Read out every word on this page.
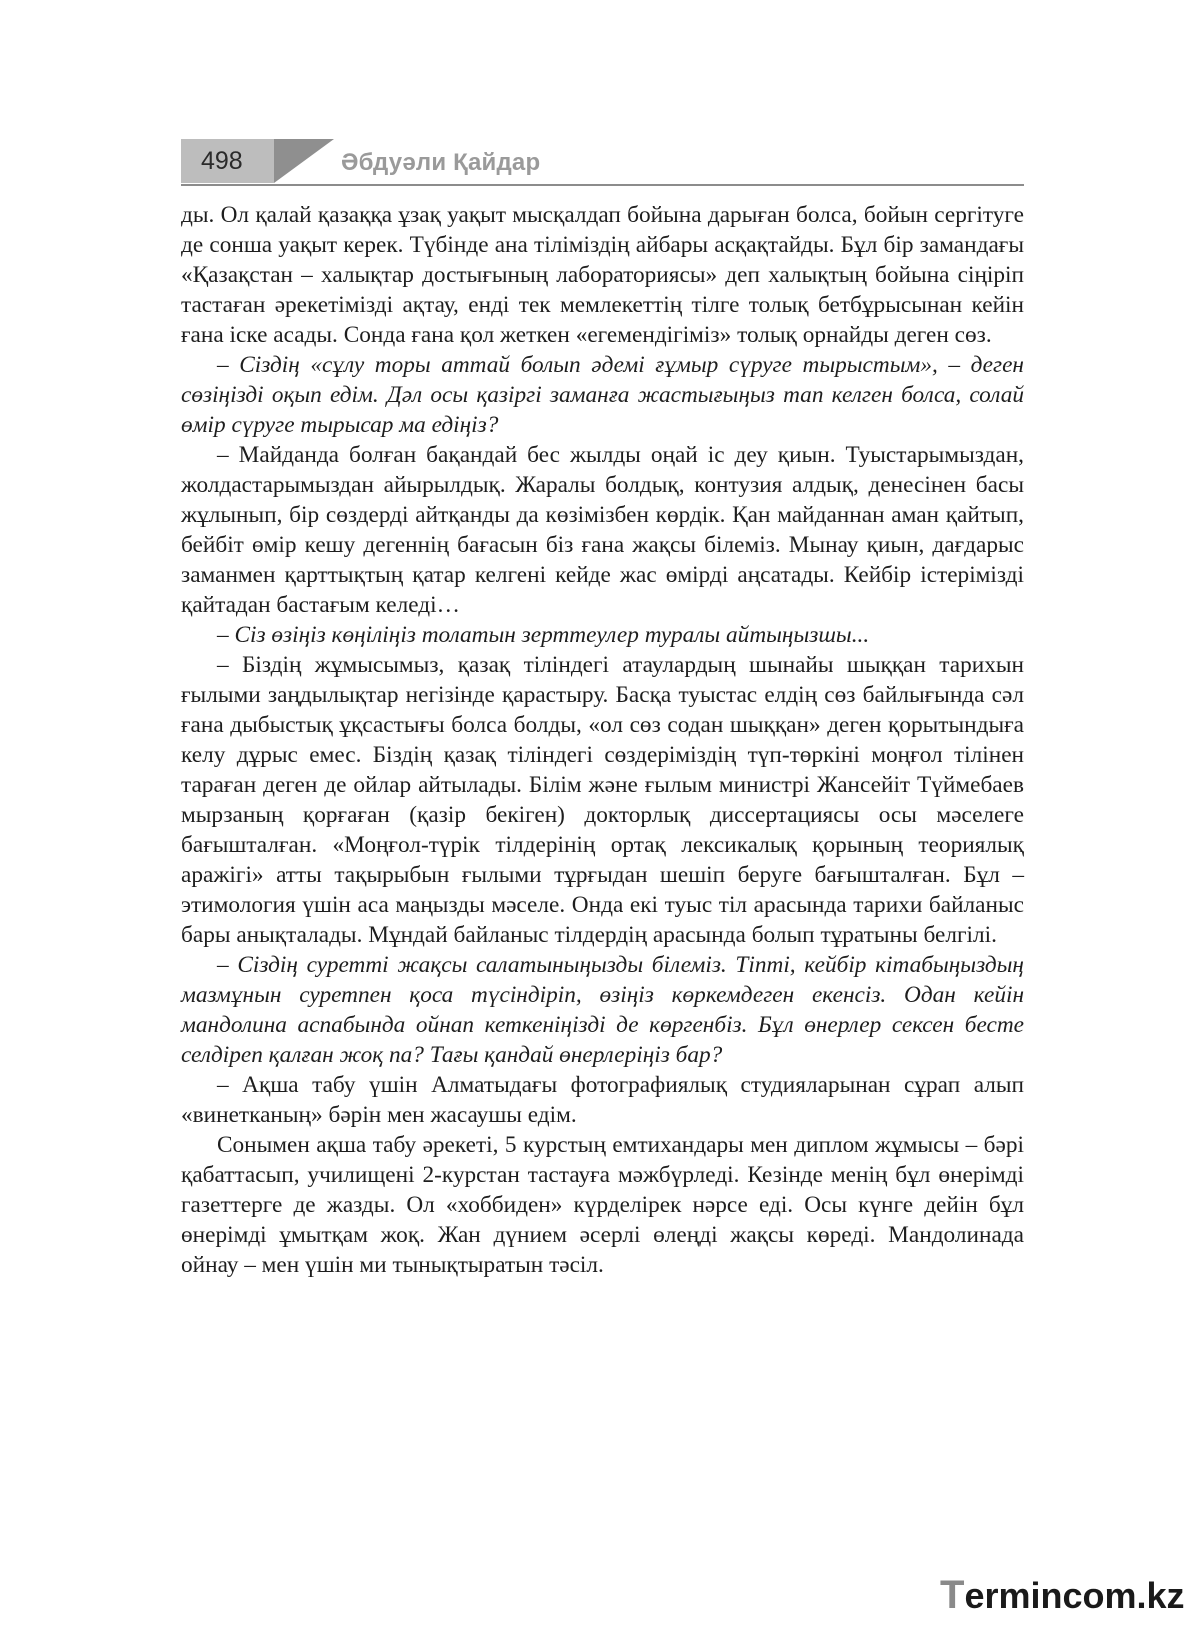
498	Әбдуәли Қайдар

ды. Ол қалай қазаққа ұзақ уақыт мысқалдап бойына дарыған болса, бойын сергітуге де сонша уақыт керек. Түбінде ана тіліміздің айбары асқақтайды. Бұл бір замандағы «Қазақстан – халықтар достығының лабораториясы» деп халықтың бойына сіңіріп тастаған әрекетімізді ақтау, енді тек мемлекеттің тілге толық бетбұрысынан кейін ғана іске асады. Сонда ғана қол жеткен «егемендігіміз» толық орнайды деген сөз.

– Сіздің «сұлу торы аттай болып әдемі ғұмыр сүруге тырыстым», – деген сөзіңізді оқып едім. Дәл осы қазіргі заманға жастығыңыз тап келген болса, солай өмір сүруге тырысар ма едіңіз?

– Майданда болған бақандай бес жылды оңай іс деу қиын. Туыстарымыздан, жолдастарымыздан айырылдық. Жаралы болдық, контузия алдық, денесінен басы жұлынып, бір сөздерді айтқанды да көзімізбен көрдік. Қан майданнан аман қайтып, бейбіт өмір кешу дегеннің бағасын біз ғана жақсы білеміз. Мынау қиын, дағдарыс заманмен қарттықтың қатар келгені кейде жас өмірді аңсатады. Кейбір істерімізді қайтадан бастағым келеді…

– Сіз өзіңіз көңіліңіз толатын зерттеулер туралы айтыңызшы...

– Біздің жұмысымыз, қазақ тіліндегі атаулардың шынайы шыққан тарихын ғылыми заңдылықтар негізінде қарастыру. Басқа туыстас елдің сөз байлығында сәл ғана дыбыстық ұқсастығы болса болды, «ол сөз содан шыққан» деген қорытындыға келу дұрыс емес. Біздің қазақ тіліндегі сөздеріміздің түп-төркіні моңғол тілінен тараған деген де ойлар айтылады. Білім және ғылым министрі Жансейіт Түймебаев мырзаның қорғаған (қазір бекіген) докторлық диссертациясы осы мәселеге бағышталған. «Моңғол-түрік тілдерінің ортақ лексикалық қорының теориялық аражігі» атты тақырыбын ғылыми тұрғыдан шешіп беруге бағышталған. Бұл – этимология үшін аса маңызды мәселе. Онда екі туыс тіл арасында тарихи байланыс бары анықталады. Мұндай байланыс тілдердің арасында болып тұратыны белгілі.

– Сіздің суретті жақсы салатыныңызды білеміз. Тіпті, кейбір кітабыңыздың мазмұнын суретпен қоса түсіндіріп, өзіңіз көркемдеген екенсіз. Одан кейін мандолина аспабында ойнап кеткеніңізді де көргенбіз. Бұл өнерлер сексен бесте селдіреп қалған жоқ па? Тағы қандай өнерлеріңіз бар?

– Ақша табу үшін Алматыдағы фотографиялық студияларынан сұрап алып «винетканың» бәрін мен жасаушы едім.

Сонымен ақша табу әрекеті, 5 курстың емтихандары мен диплом жұмысы – бәрі қабаттасып, училищені 2-курстан тастауға мәжбүрледі. Кезінде менің бұл өнерімді газеттерге де жазды. Ол «хоббиден» күрделірек нәрсе еді. Осы күнге дейін бұл өнерімді ұмытқам жоқ. Жан дүнием әсерлі өлеңді жақсы көреді. Мандолинада ойнау – мен үшін ми тынықтыратын тәсіл.

Termincom.kz
